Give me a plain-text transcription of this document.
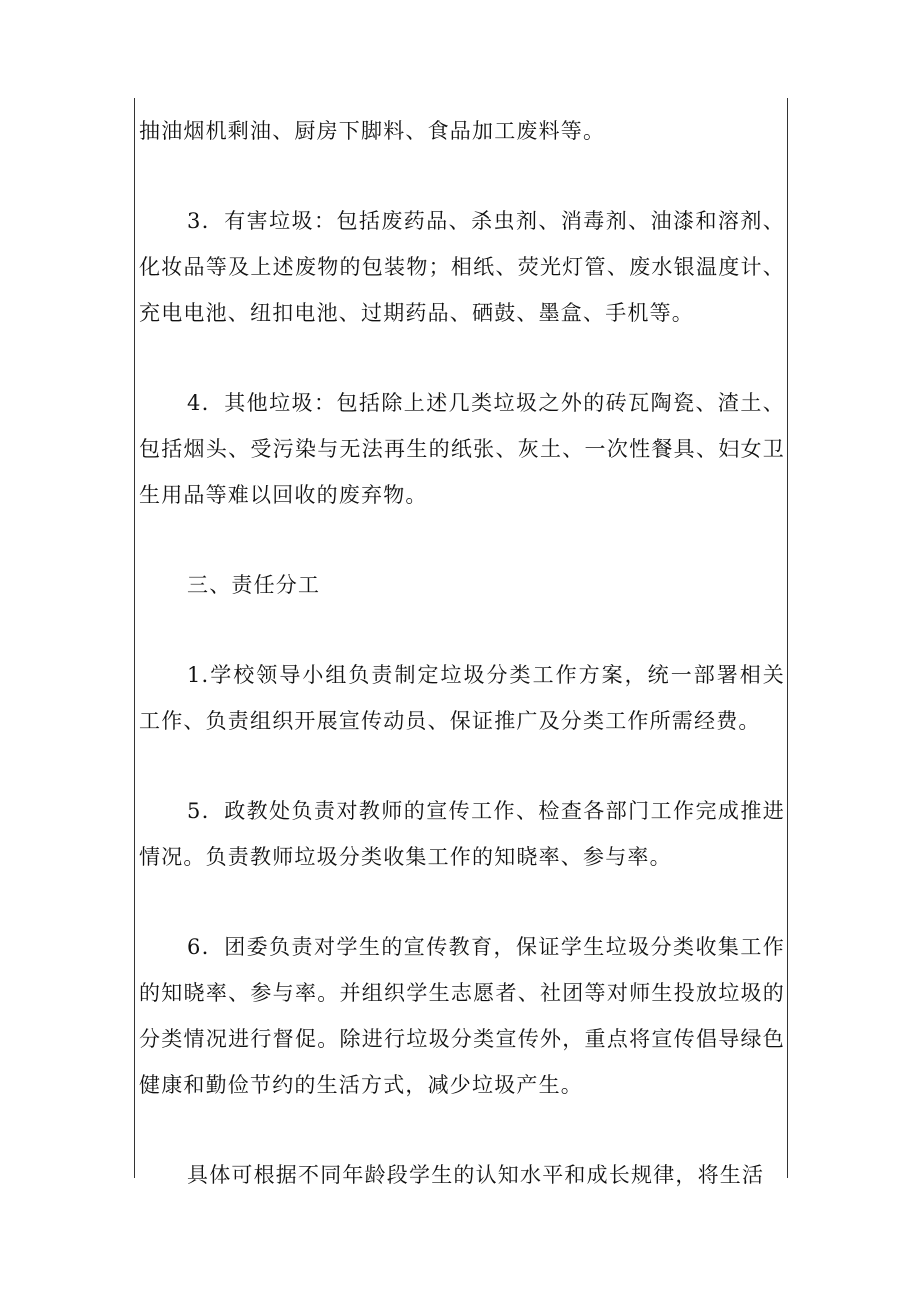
抽油烟机剩油、厨房下脚料、食品加工废料等。

3．有害垃圾：包括废药品、杀虫剂、消毒剂、油漆和溶剂、化妆品等及上述废物的包装物；相纸、荧光灯管、废水银温度计、充电电池、纽扣电池、过期药品、硒鼓、墨盒、手机等。

4．其他垃圾：包括除上述几类垃圾之外的砖瓦陶瓷、渣土、包括烟头、受污染与无法再生的纸张、灰土、一次性餐具、妇女卫生用品等难以回收的废弃物。

三、责任分工

1.学校领导小组负责制定垃圾分类工作方案，统一部署相关工作、负责组织开展宣传动员、保证推广及分类工作所需经费。

5．政教处负责对教师的宣传工作、检查各部门工作完成推进情况。负责教师垃圾分类收集工作的知晓率、参与率。

6．团委负责对学生的宣传教育，保证学生垃圾分类收集工作的知晓率、参与率。并组织学生志愿者、社团等对师生投放垃圾的分类情况进行督促。除进行垃圾分类宣传外，重点将宣传倡导绿色健康和勤俭节约的生活方式，减少垃圾产生。

具体可根据不同年龄段学生的认知水平和成长规律，将生活
